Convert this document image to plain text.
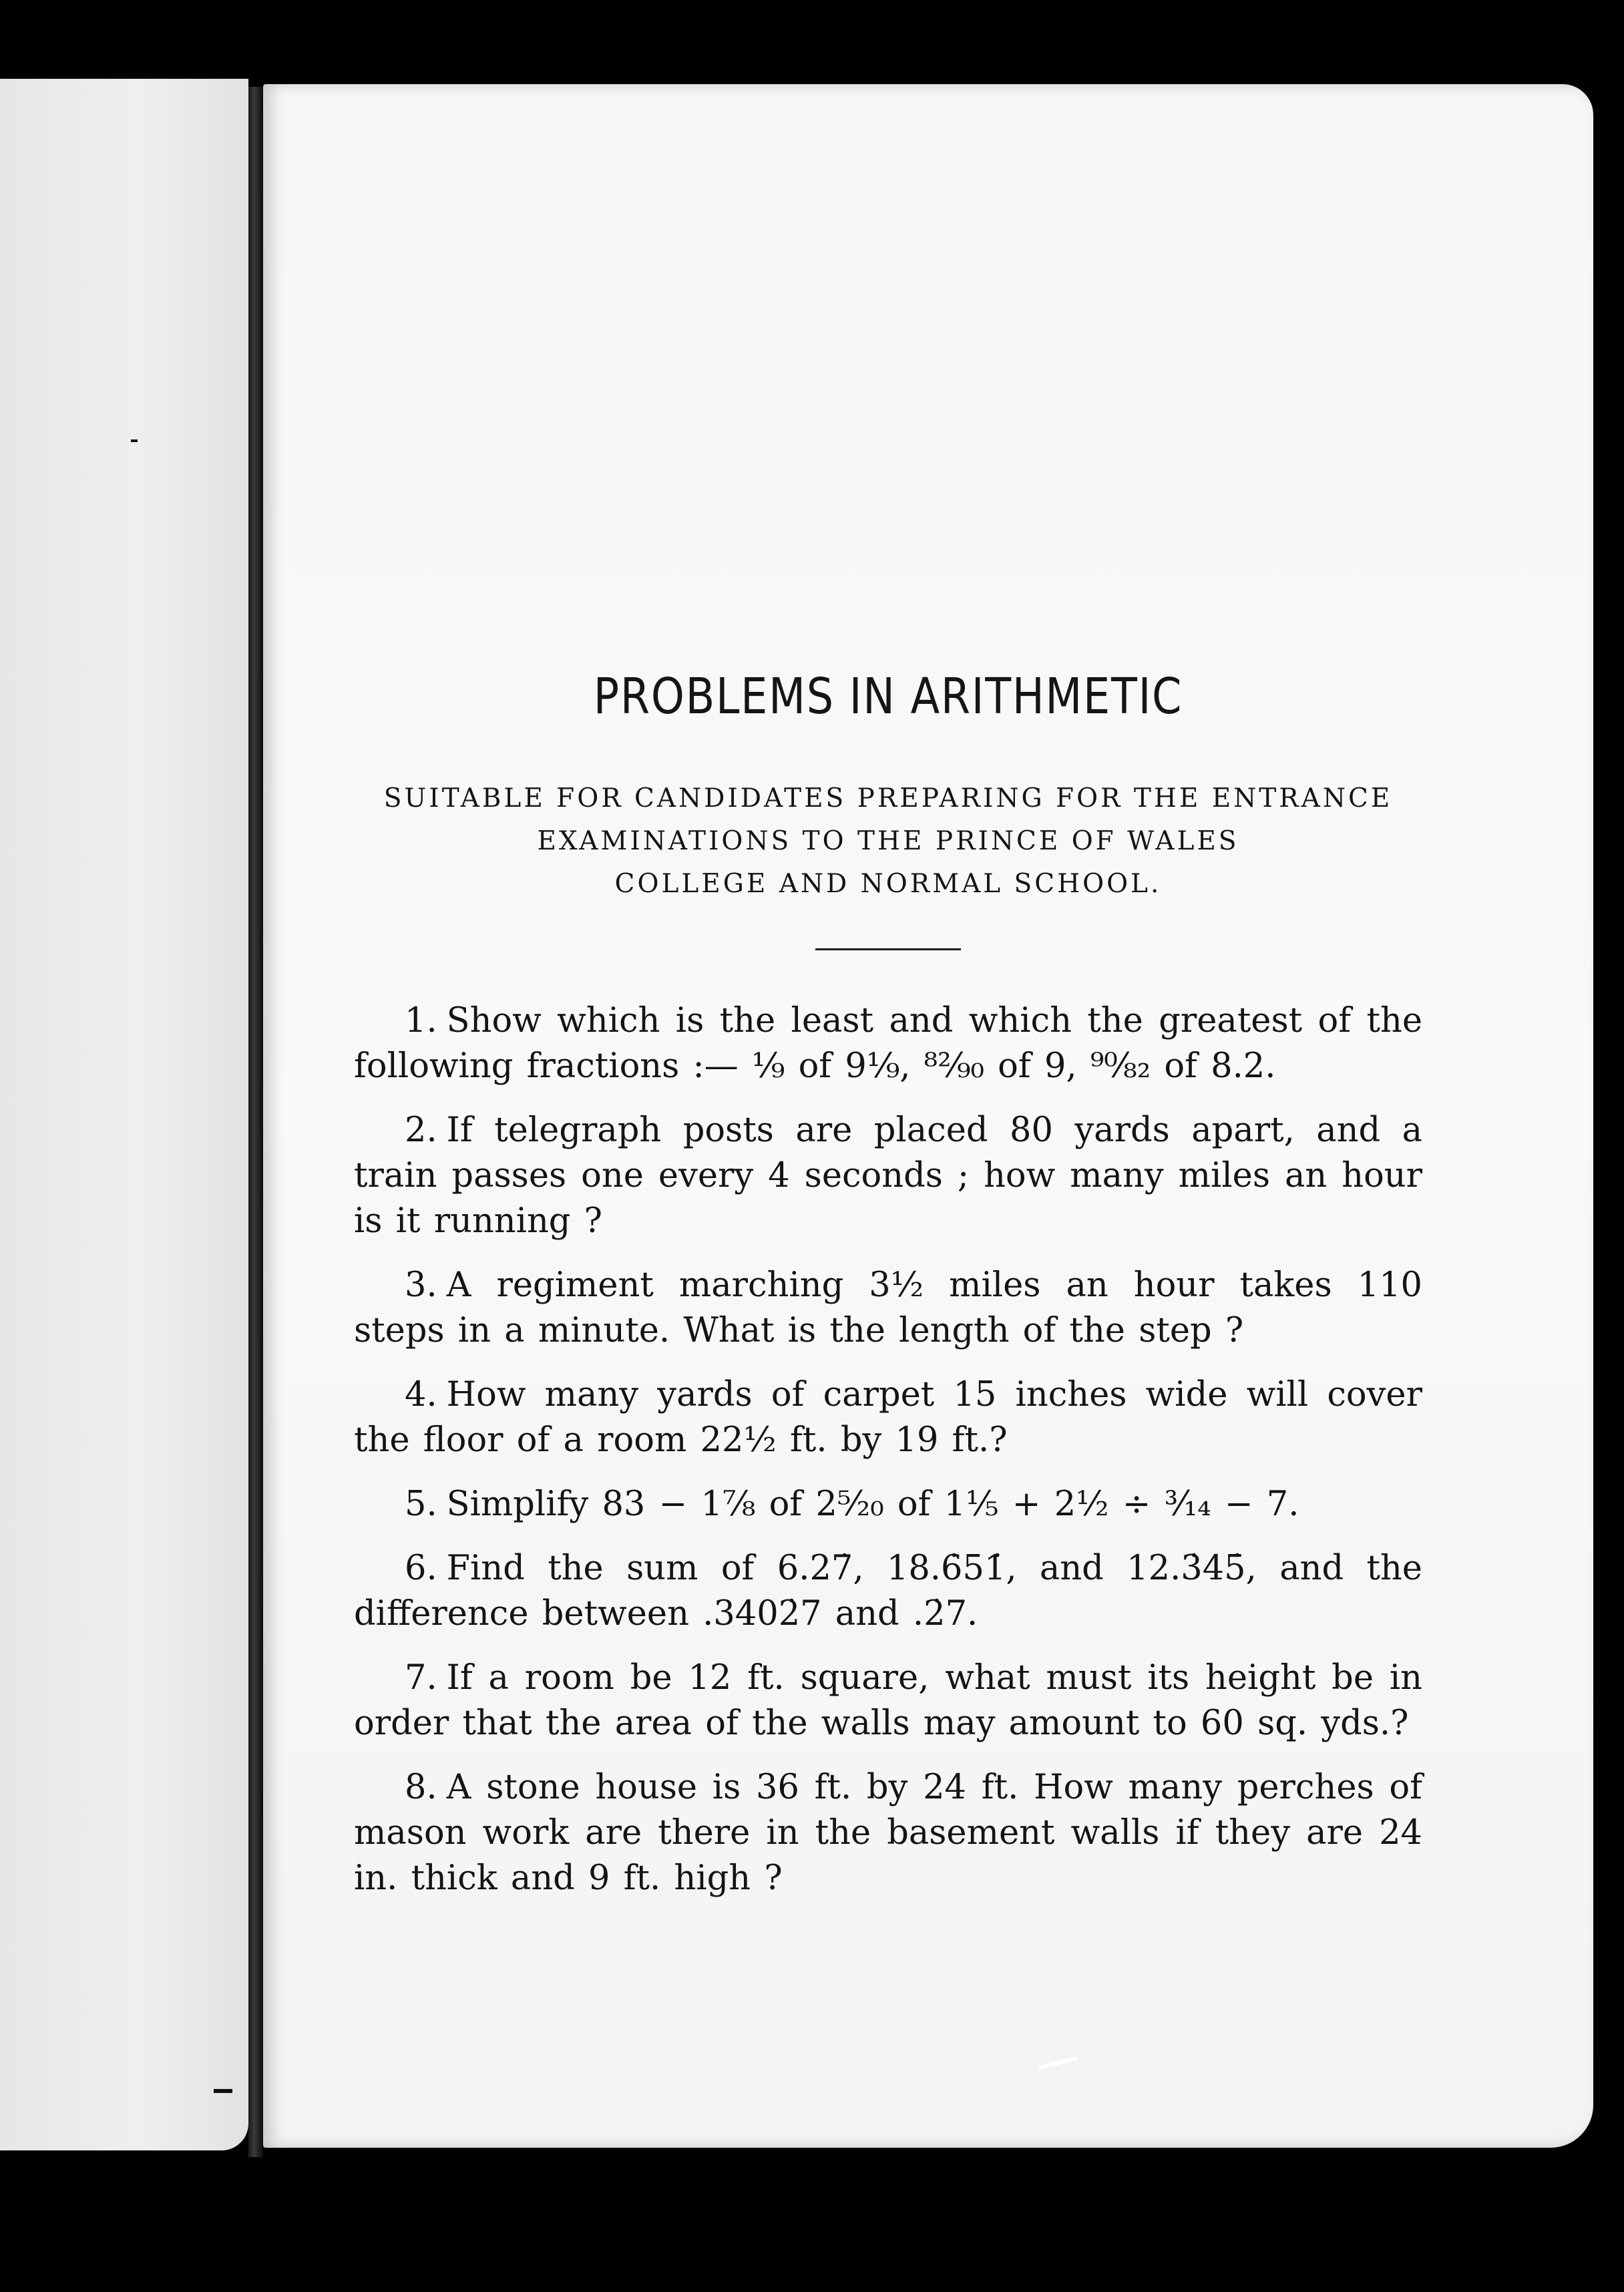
PROBLEMS IN ARITHMETIC

SUITABLE FOR CANDIDATES PREPARING FOR THE ENTRANCE
EXAMINATIONS TO THE PRINCE OF WALES
COLLEGE AND NORMAL SCHOOL.

1. Show which is the least and which the greatest of the following fractions :— ⅑ of 9⅑, ⁸²⁄₉₀ of 9, ⁹⁰⁄₈₂ of 8.2.

2. If telegraph posts are placed 80 yards apart, and a train passes one every 4 seconds ; how many miles an hour is it running ?

3. A regiment marching 3½ miles an hour takes 110 steps in a minute. What is the length of the step ?

4. How many yards of carpet 15 inches wide will cover the floor of a room 22½ ft. by 19 ft.?

5. Simplify 83 − 1⅞ of 2⁵⁄₂₀ of 1⅕ + 2½ ÷ ³⁄₁₄ − 7.

6. Find the sum of 6.27̇, 18.6̇51̇, and 12.3̇45̇, and the difference between .3402̇7 and .2̇7.

7. If a room be 12 ft. square, what must its height be in order that the area of the walls may amount to 60 sq. yds.?

8. A stone house is 36 ft. by 24 ft. How many perches of mason work are there in the basement walls if they are 24 in. thick and 9 ft. high ?
